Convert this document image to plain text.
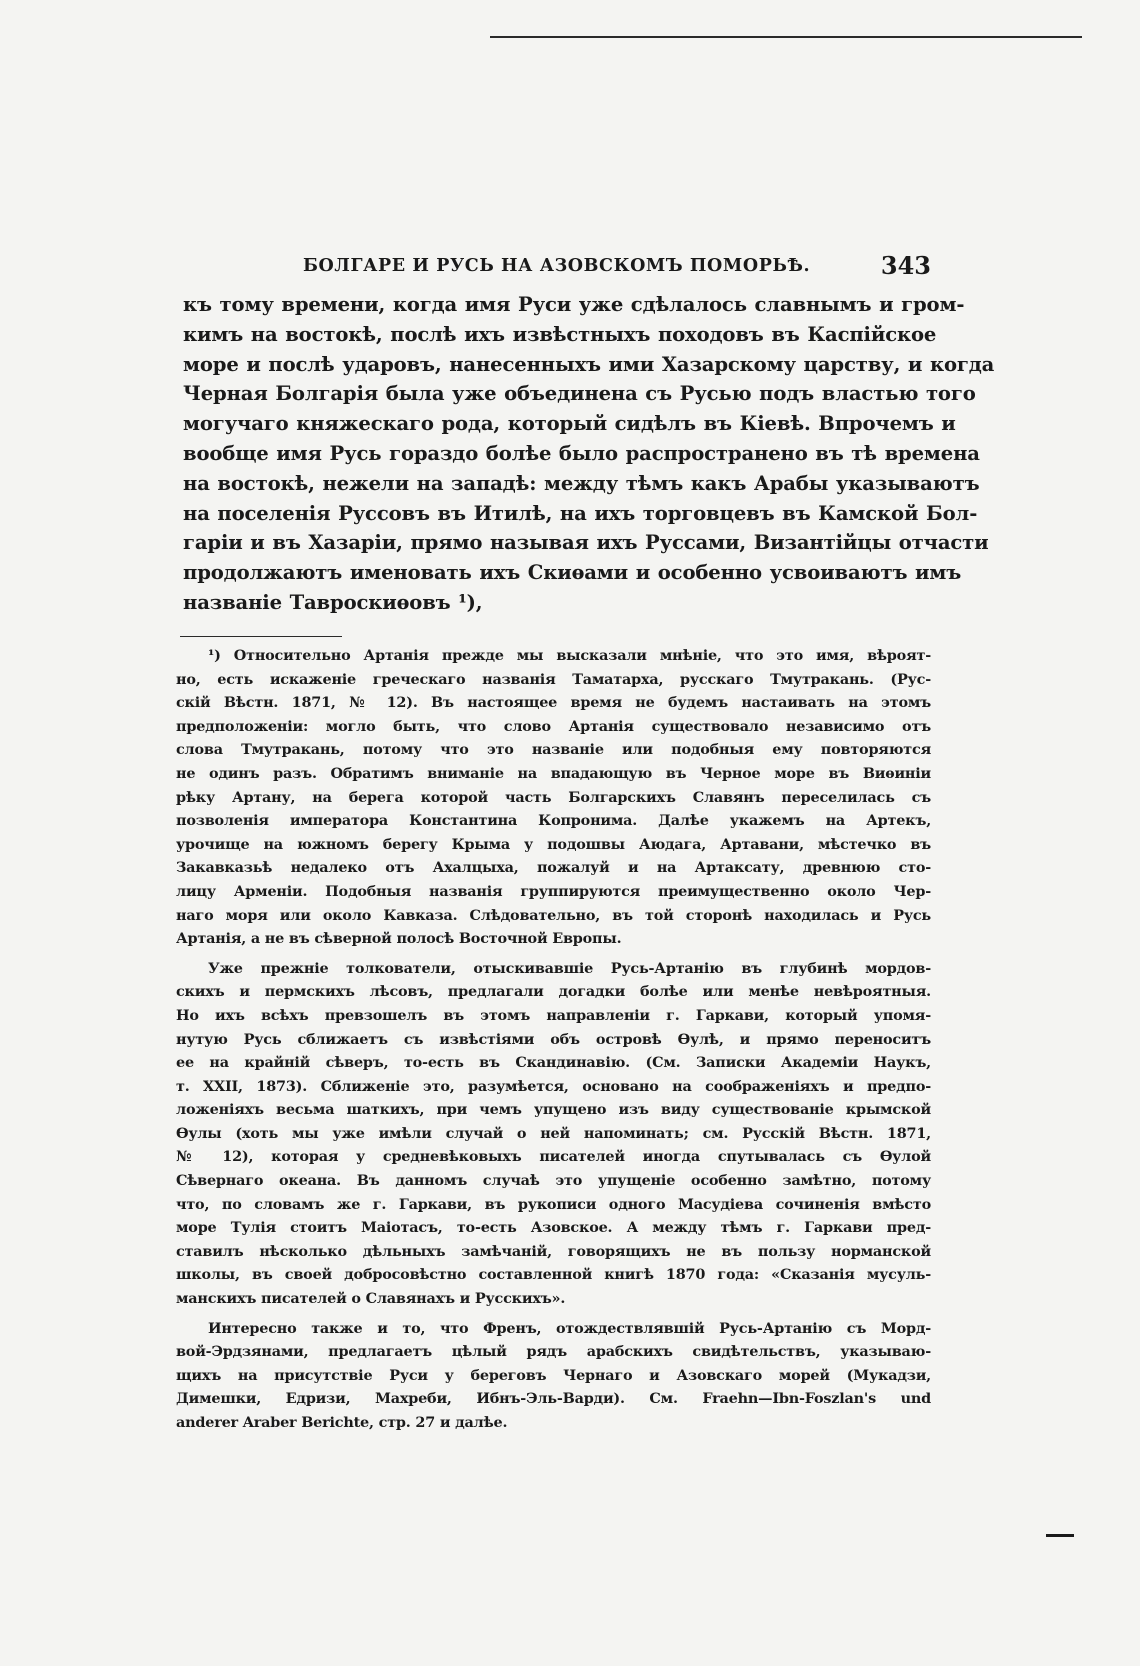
БОЛГАРЕ И РУСЬ НА АЗОВСКОМЪ ПОМОРЬѢ.	343
къ тому времени, когда имя Руси уже сдѣлалось славнымъ и гром-
кимъ на востокѣ, послѣ ихъ извѣстныхъ походовъ въ Каспійское
море и послѣ ударовъ, нанесенныхъ ими Хазарскому царству, и когда
Черная Болгарія была уже объединена съ Русью подъ властью того
могучаго княжескаго рода, который сидѣлъ въ Кіевѣ. Впрочемъ и
вообще имя Русь гораздо болѣе было распространено въ тѣ времена
на востокѣ, нежели на западѣ: между тѣмъ какъ Арабы указываютъ
на поселенія Руссовъ въ Итилѣ, на ихъ торговцевъ въ Камской Бол-
гаріи и въ Хазаріи, прямо называя ихъ Руссами, Византійцы отчасти
продолжаютъ именовать ихъ Скиѳами и особенно усвоиваютъ имъ
названіе Тавроскиѳовъ ¹),
¹) Относительно Артанія прежде мы высказали мнѣніе, что это имя, вѣроят-
но, есть искаженіе греческаго названія Таматарха, русскаго Тмутракань. (Рус-
скій Вѣстн. 1871, № 12). Въ настоящее время не будемъ настаивать на этомъ
предположеніи: могло быть, что слово Артанія существовало независимо отъ
слова Тмутракань, потому что это названіе или подобныя ему повторяются
не одинъ разъ. Обратимъ вниманіе на впадающую въ Черное море въ Виѳиніи
рѣку Артану, на берега которой часть Болгарскихъ Славянъ переселилась съ
позволенія императора Константина Копронима. Далѣе укажемъ на Артекъ,
урочище на южномъ берегу Крыма у подошвы Аюдага, Артавани, мѣстечко въ
Закавказьѣ недалеко отъ Ахалцыха, пожалуй и на Артаксату, древнюю сто-
лицу Арменіи. Подобныя названія группируются преимущественно около Чер-
наго моря или около Кавказа. Слѣдовательно, въ той сторонѣ находилась и Русь
Артанія, а не въ сѣверной полосѣ Восточной Европы.
Уже прежніе толкователи, отыскивавшіе Русь-Артанію въ глубинѣ мордов-
скихъ и пермскихъ лѣсовъ, предлагали догадки болѣе или менѣе невѣроятныя.
Но ихъ всѣхъ превзошелъ въ этомъ направленіи г. Гаркави, который упомя-
нутую Русь сближаетъ съ извѣстіями объ островѣ Ѳулѣ, и прямо переноситъ
ее на крайній сѣверъ, то-есть въ Скандинавію. (См. Записки Академіи Наукъ,
т. XXII, 1873). Сближеніе это, разумѣется, основано на соображеніяхъ и предпо-
ложеніяхъ весьма шаткихъ, при чемъ упущено изъ виду существованіе крымской
Ѳулы (хоть мы уже имѣли случай о ней напоминать; см. Русскій Вѣстн. 1871,
№ 12), которая у средневѣковыхъ писателей иногда спутывалась съ Ѳулой
Сѣвернаго океана. Въ данномъ случаѣ это упущеніе особенно замѣтно, потому
что, по словамъ же г. Гаркави, въ рукописи одного Масудіева сочиненія вмѣсто
море Тулія стоитъ Маіотасъ, то-есть Азовское. А между тѣмъ г. Гаркави пред-
ставилъ нѣсколько дѣльныхъ замѣчаній, говорящихъ не въ пользу норманской
школы, въ своей добросовѣстно составленной книгѣ 1870 года: «Сказанія мусуль-
манскихъ писателей о Славянахъ и Русскихъ».
Интересно также и то, что Френъ, отождествлявшій Русь-Артанію съ Морд-
вой-Эрдзянами, предлагаетъ цѣлый рядъ арабскихъ свидѣтельствъ, указываю-
щихъ на присутствіе Руси у береговъ Чернаго и Азовскаго морей (Мукадзи,
Димешки, Едризи, Махреби, Ибнъ-Эль-Варди). См. Fraehn—Ibn-Foszlan's und
anderer Araber Berichte, стр. 27 и далѣе.
